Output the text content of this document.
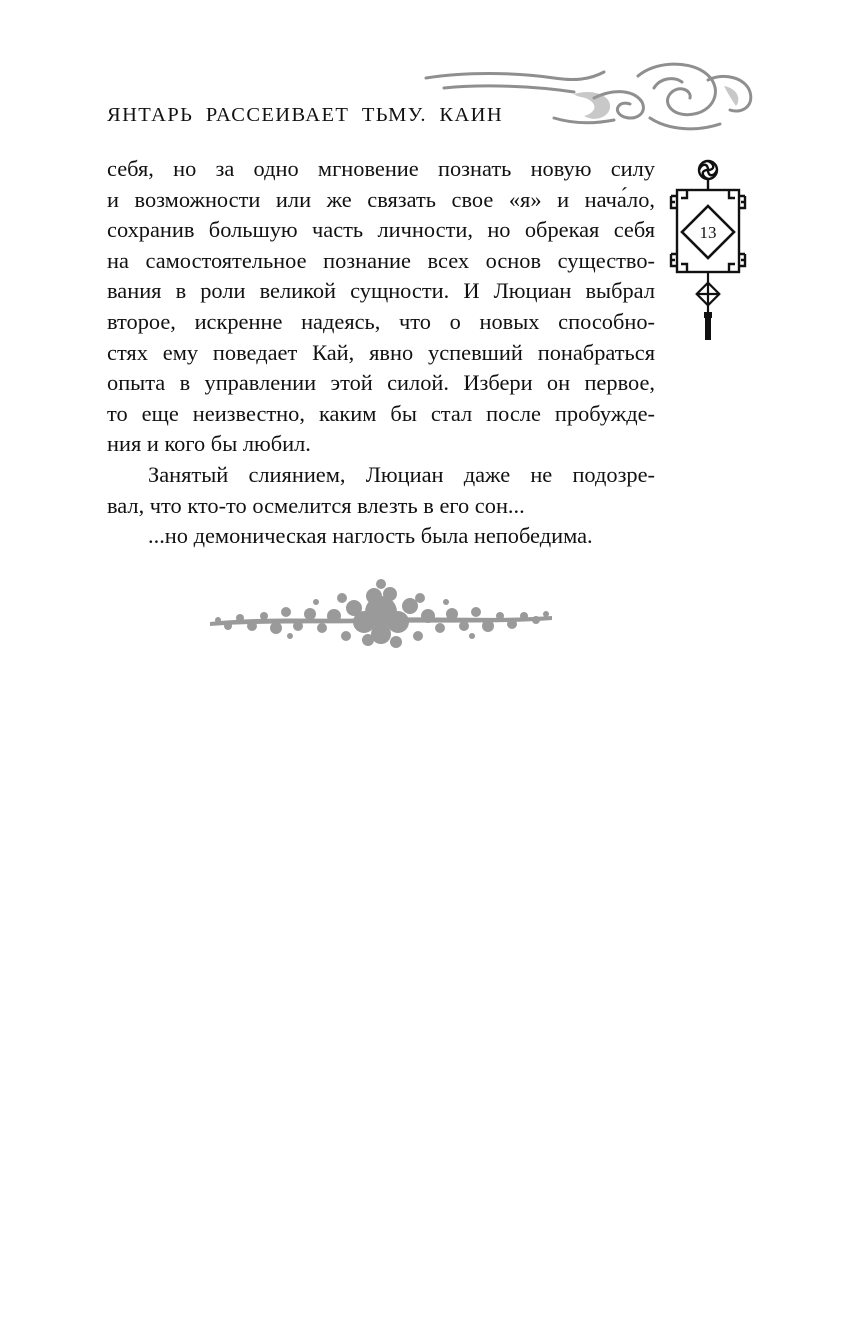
ЯНТАРЬ РАССЕИВАЕТ ТЬМУ. КАИН
13
себя, но за одно мгновение познать новую силу
и возможности или же связать свое «я» и нача́ло,
сохранив большую часть личности, но обрекая себя
на самостоятельное познание всех основ существо-
вания в роли великой сущности. И Люциан выбрал
второе, искренне надеясь, что о новых способно-
стях ему поведает Кай, явно успевший понабраться
опыта в управлении этой силой. Избери он первое,
то еще неизвестно, каким бы стал после пробужде-
ния и кого бы любил.
Занятый слиянием, Люциан даже не подозре-
вал, что кто-то осмелится влезть в его сон...
...но демоническая наглость была непобедима.
